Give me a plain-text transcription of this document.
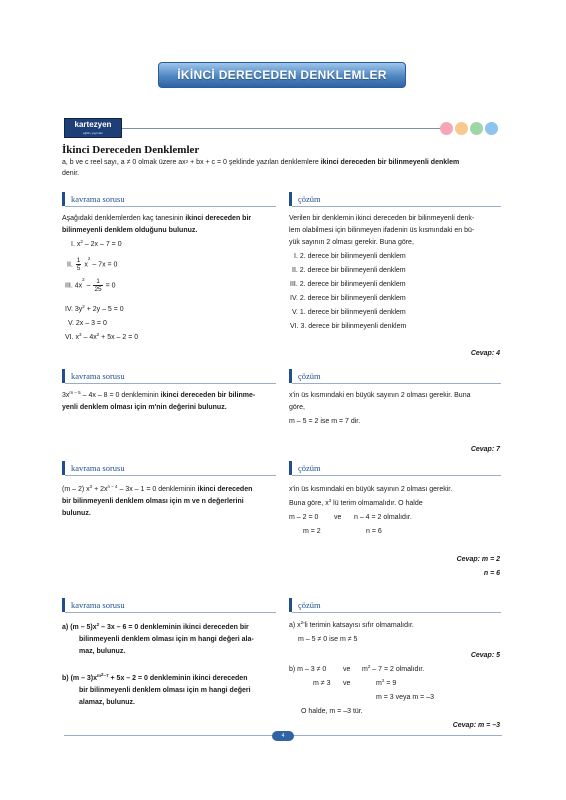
İKİNCİ DERECEDEN DENKLEMLER
kartezyen
eğitim yayınları
İkinci Dereceden Denklemler
a, b ve c reel sayı, a ≠ 0 olmak üzere $ax^2$ + bx + c = 0 şeklinde yazılan denklemlere ikinci dereceden bir bilinmeyenli denklem
denir.
kavrama sorusu	çözüm
Aşağıdaki denklemlerden kaç tanesinin ikinci dereceden bir
bilinmeyenli denklem olduğunu bulunuz.
I. $x^2 - 2x - 7 = 0$
II. $\frac{1}{5} x^2 - 7x = 0$
III. $4x^2 - \frac{1}{25} = 0$
IV. $3y^2 + 2y - 5 = 0$
V. 2x – 3 = 0
VI. $x^3 - 4x^2 + 5x - 2 = 0$
Verilen bir denklemin ikinci dereceden bir bilinmeyenli denk-
lem olabilmesi için bilinmeyen ifadenin üs kısmındaki en bü-
yük sayının 2 olması gerekir. Buna göre,
I. 2. derece bir bilinmeyenli denklem
II. 2. derece bir bilinmeyenli denklem
III. 2. derece bir bilinmeyenli denklem
IV. 2. derece bir bilinmeyenli denklem
V. 1. derece bir bilinmeyenli denklem
VI. 3. derece bir bilinmeyenli denklem
Cevap: 4
kavrama sorusu	çözüm
$3x^{m - 5} - 4x - 8 = 0$ denkleminin ikinci dereceden bir bilinme-
yenli denklem olması için m'nin değerini bulunuz.
x'in üs kısmındaki en büyük sayının 2 olması gerekir. Buna
göre,
m – 5 = 2 ise m = 7 dir.
Cevap: 7
kavrama sorusu	çözüm
(m – 2) $x^3 + 2x^{n - 4} - 3x - 1 = 0$ denkleminin ikinci dereceden
bir bilinmeyenli denklem olması için m ve n değerlerini
bulunuz.
x'in üs kısmındaki en büyük sayının 2 olması gerekir.
Buna göre, $x^3$ lü terim olmamalıdır. O halde
m – 2 = 0 ve n – 4 = 2 olmalıdır.
m = 2	n = 6
Cevap: m = 2
n = 6
kavrama sorusu	çözüm
a) $(m - 5)x^2 - 3x - 6 = 0$ denkleminin ikinci dereceden bir
bilinmeyenli denklem olması için m hangi değeri ala-
maz, bulunuz.
b) $(m - 3)x^{m^2-7} + 5x - 2 = 0$ denkleminin ikinci dereceden
bir bilinmeyenli denklem olması için m hangi değeri
alamaz, bulunuz.
a) $x^2'li$ terimin katsayısı sıfır olmamalıdır.
m – 5 ≠ 0 ise m ≠ 5
Cevap: 5
b) m – 3 ≠ 0 ve $m^2 - 7 = 2$ olmalıdır.
m ≠ 3 ve	$m^2 = 9$
m = 3 veya m = –3
O halde, m = –3 tür.
Cevap: m = –3
4
